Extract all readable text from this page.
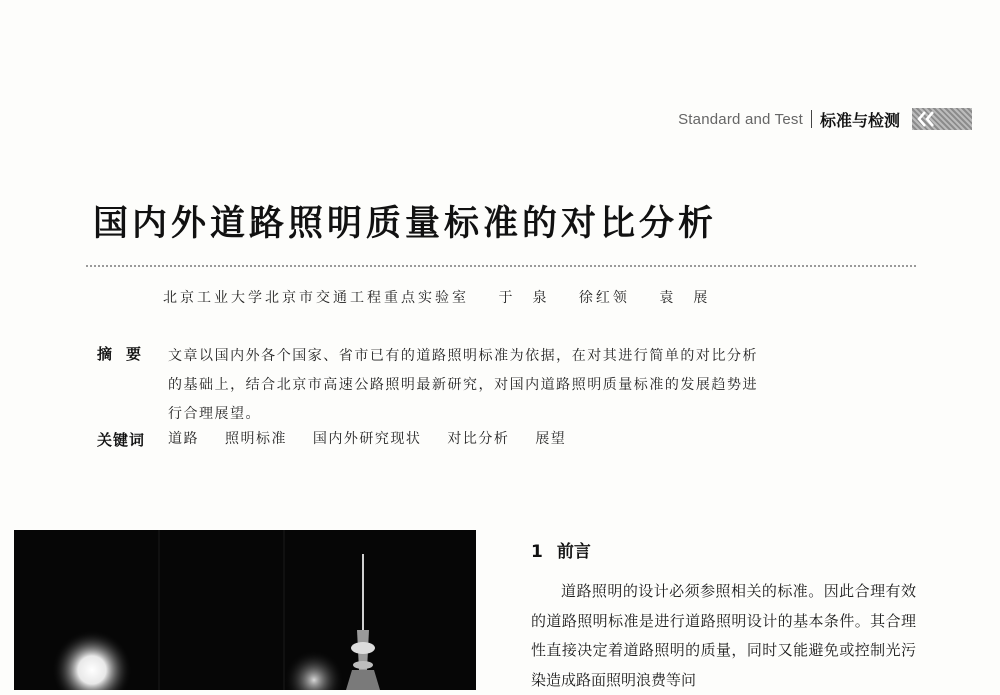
Standard and Test 标准与检测
国内外道路照明质量标准的对比分析
北京工业大学北京市交通工程重点实验室 于　泉 徐红领 袁　展
摘要 文章以国内外各个国家、省市已有的道路照明标准为依据，在对其进行简单的对比分析的基础上，结合北京市高速公路照明最新研究，对国内道路照明质量标准的发展趋势进行合理展望。
关键词 道路 照明标准 国内外研究现状 对比分析 展望
1 前言

道路照明的设计必须参照相关的标准。因此合理有效的道路照明标准是进行道路照明设计的基本条件。其合理性直接决定着道路照明的质量，同时又能避免或控制光污染造成路面照明浪费等问
